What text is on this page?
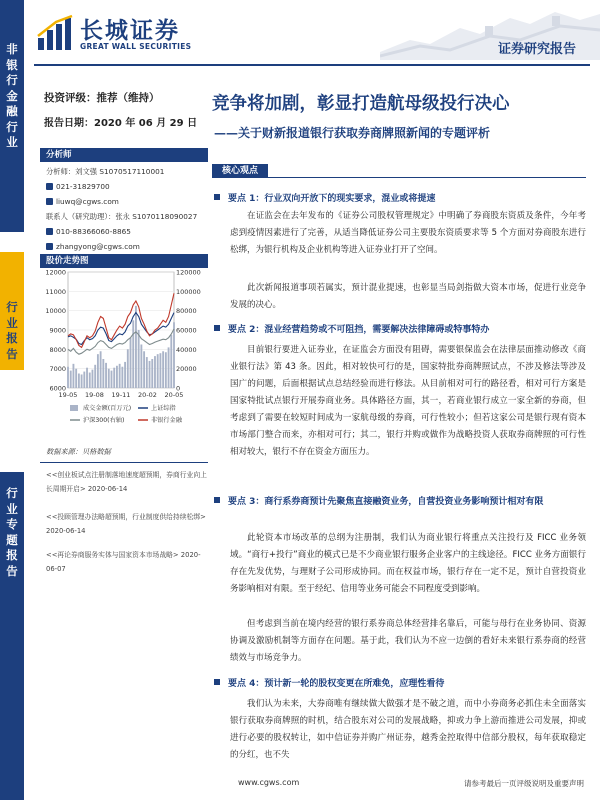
非
银
行
金
融
行
业
行
业
报
告
行
业
专
题
报
告
长城证券
GREAT WALL SECURITIES	证券研究报告
投资评级：推荐（维持）
报告日期：2020 年 06 月 29 日
分析师
分析师：刘文强 S1070517110001
021-31829700
liuwq@cgws.com
联系人（研究助理）：张永 S1070118090027
010-88366060-8865
zhangyong@cgws.com
股价走势图
6000
7000
8000
9000
10000
11000
12000
0
20000
40000
60000
80000
100000
120000
19-05 19-08 19-11 20-02 20-05
成交金额(百万元)	上证综指
沪深300(右轴)	非银行金融
数据来源：贝格数据
<<创业板试点注册制落地速度超预期，券商行业向上长周期开启> 2020-06-14
<<投顾管理办法略超预期，行业制度供给持续松绑> 2020-06-14
<<再论券商服务实体与国家资本市场战略> 2020-06-07
竞争将加剧，彰显打造航母级投行决心
——关于财新报道银行获取券商牌照新闻的专题评析
核心观点
要点 1：行业双向开放下的现实要求，混业或将提速
在证监会在去年发布的《证券公司股权管理规定》中明确了券商股东资质及条件，今年考虑到疫情因素进行了完善，从适当降低证券公司主要股东资质要求等 5 个方面对券商股东进行松绑，为银行机构及企业机构等进入证券业打开了空间。
此次新闻报道事项若属实，预计混业提速，也彰显当局剑指做大资本市场，促进行业竞争发展的决心。
要点 2：混业经营趋势或不可阻挡，需要解决法律障碍或特事特办
目前银行要进入证券业，在证监会方面没有阻碍，需要银保监会在法律层面推动修改《商业银行法》第 43 条。因此，相对较快可行的是，国家特批券商牌照试点，不涉及修法等涉及国广的问题，后面根据试点总结经验而进行修法。从目前相对可行的路径看，相对可行方案是国家特批试点银行开展券商业务。具体路径方面，其一，若商业银行成立一家全新的券商，但考虑到了需要在较短时间成为一家航母级的券商，可行性较小；但若这家公司是银行现有资本市场部门整合而来，亦相对可行；其二，银行并购或做作为战略投资人获取券商牌照的可行性相对较大，银行不存在资金方面压力。
要点 3：商行系券商预计先聚焦直接融资业务，自营投资业务影响预计相对有限
此轮资本市场改革的总纲为注册制，我们认为商业银行将重点关注投行及 FICC 业务领域。“商行+投行”商业的模式已是不少商业银行服务企业客户的主线途径。FICC 业务方面银行存在先发优势，与理财子公司形成协同。而在权益市场，银行存在一定不足，预计自营投资业务影响相对有限。至于经纪、信用等业务可能会不同程度受到影响。
但考虑到当前在境内经营的银行系券商总体经营排名靠后，可能与母行在业务协同、资源协调及激励机制等方面存在问题。基于此，我们认为不应一边倒的看好未来银行系券商的经营绩效与市场竞争力。
要点 4：预计新一轮的股权变更在所难免，应理性看待
我们认为未来，大券商唯有继续做大做强才是不破之道，而中小券商务必抓住未全面落实银行获取券商牌照的时机，结合股东对公司的发展战略，抑或力争上游而推进公司发展，抑或进行必要的股权转让，如中信证券并购广州证券，越秀金控取得中信部分股权，每年获取稳定的分红，也不失
www.cgws.com	请参考最后一页评级说明及重要声明
